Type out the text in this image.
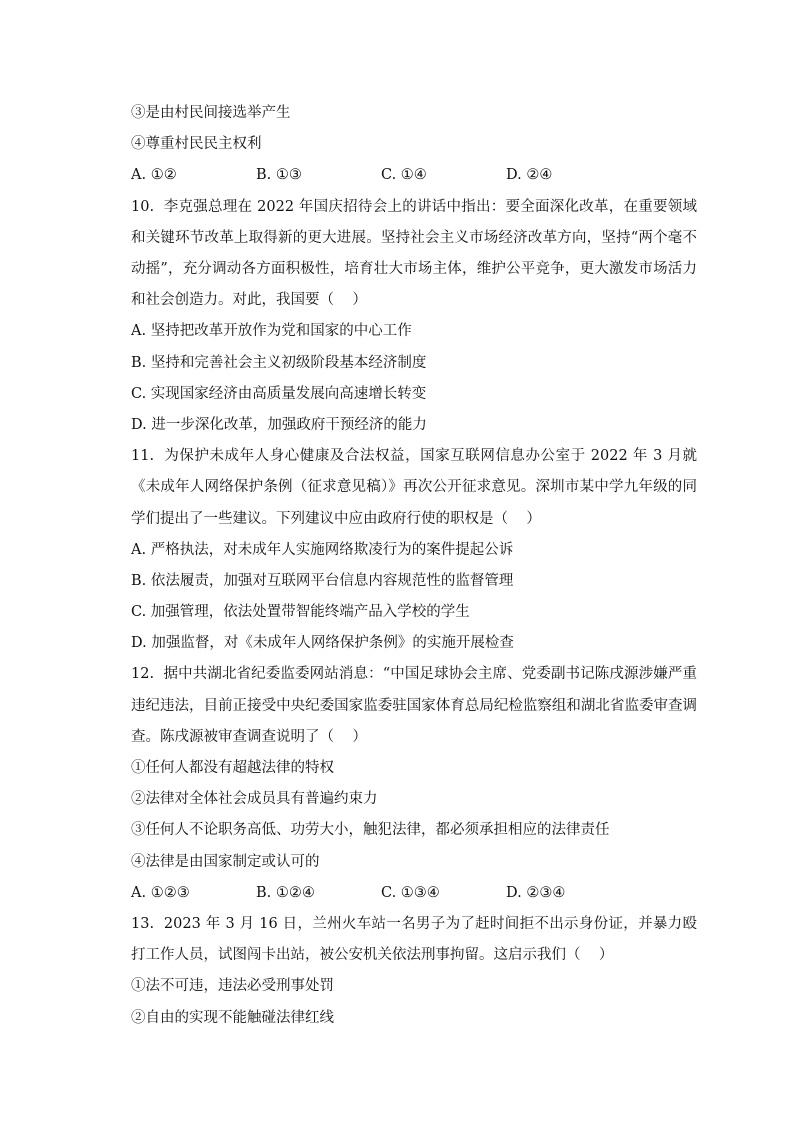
③是由村民间接选举产生
④尊重村民民主权利
A. ①②	B. ①③	C. ①④	D. ②④
10.  李克强总理在 2022 年国庆招待会上的讲话中指出：要全面深化改革，在重要领域和关键环节改革上取得新的更大进展。坚持社会主义市场经济改革方向，坚持“两个毫不动摇”，充分调动各方面积极性，培育壮大市场主体，维护公平竞争，更大激发市场活力和社会创造力。对此，我国要（    ）
A. 坚持把改革开放作为党和国家的中心工作
B. 坚持和完善社会主义初级阶段基本经济制度
C. 实现国家经济由高质量发展向高速增长转变
D. 进一步深化改革，加强政府干预经济的能力
11.  为保护未成年人身心健康及合法权益，国家互联网信息办公室于 2022 年 3 月就《未成年人网络保护条例（征求意见稿）》再次公开征求意见。深圳市某中学九年级的同学们提出了一些建议。下列建议中应由政府行使的职权是（    ）
A. 严格执法，对未成年人实施网络欺凌行为的案件提起公诉
B. 依法履责，加强对互联网平台信息内容规范性的监督管理
C. 加强管理，依法处置带智能终端产品入学校的学生
D. 加强监督，对《未成年人网络保护条例》的实施开展检查
12.  据中共湖北省纪委监委网站消息：“中国足球协会主席、党委副书记陈戌源涉嫌严重违纪违法，目前正接受中央纪委国家监委驻国家体育总局纪检监察组和湖北省监委审查调查。陈戌源被审查调查说明了（    ）
①任何人都没有超越法律的特权
②法律对全体社会成员具有普遍约束力
③任何人不论职务高低、功劳大小，触犯法律，都必须承担相应的法律责任
④法律是由国家制定或认可的
A. ①②③	B. ①②④	C. ①③④	D. ②③④
13.  2023 年 3 月 16 日，兰州火车站一名男子为了赶时间拒不出示身份证，并暴力殴打工作人员，试图闯卡出站，被公安机关依法刑事拘留。这启示我们（    ）
①法不可违，违法必受刑事处罚
②自由的实现不能触碰法律红线
